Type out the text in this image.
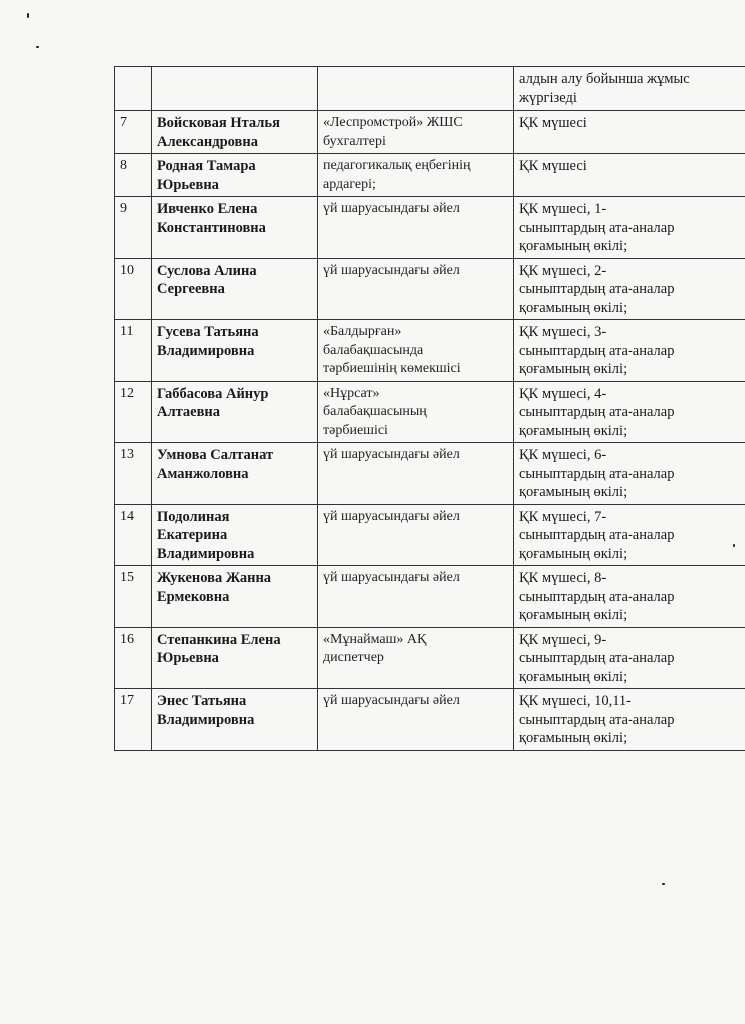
			алдын алу бойынша жұмыс
жүргізеді
7	Войсковая Нталья
Александровна	«Леспромстрой» ЖШС
бухгалтері	ҚК мүшесі
8	Родная Тамара
Юрьевна	педагогикалық еңбегінің
ардагері;	ҚК мүшесі
9	Ивченко Елена
Константиновна	үй шаруасындағы әйел	ҚК мүшесі, 1-
сыныптардың ата-аналар
қоғамының өкілі;
10	Суслова Алина
Сергеевна	үй шаруасындағы әйел	ҚК мүшесі, 2-
сыныптардың ата-аналар
қоғамының өкілі;
11	Гусева Татьяна
Владимировна	«Балдырған»
балабақшасында
тәрбиешінің көмекшісі	ҚК мүшесі, 3-
сыныптардың ата-аналар
қоғамының өкілі;
12	Габбасова Айнур
Алтаевна	«Нұрсат»
балабақшасының
тәрбиешісі	ҚК мүшесі, 4-
сыныптардың ата-аналар
қоғамының өкілі;
13	Умнова Салтанат
Аманжоловна	үй шаруасындағы әйел	ҚК мүшесі, 6-
сыныптардың ата-аналар
қоғамының өкілі;
14	Подолиная
Екатерина
Владимировна	үй шаруасындағы әйел	ҚК мүшесі, 7-
сыныптардың ата-аналар
қоғамының өкілі;
15	Жукенова Жанна
Ермековна	үй шаруасындағы әйел	ҚК мүшесі, 8-
сыныптардың ата-аналар
қоғамының өкілі;
16	Степанкина Елена
Юрьевна	«Мұнаймаш» АҚ
диспетчер	ҚК мүшесі, 9-
сыныптардың ата-аналар
қоғамының өкілі;
17	Энес Татьяна
Владимировна	үй шаруасындағы әйел	ҚК мүшесі, 10,11-
сыныптардың ата-аналар
қоғамының өкілі;
